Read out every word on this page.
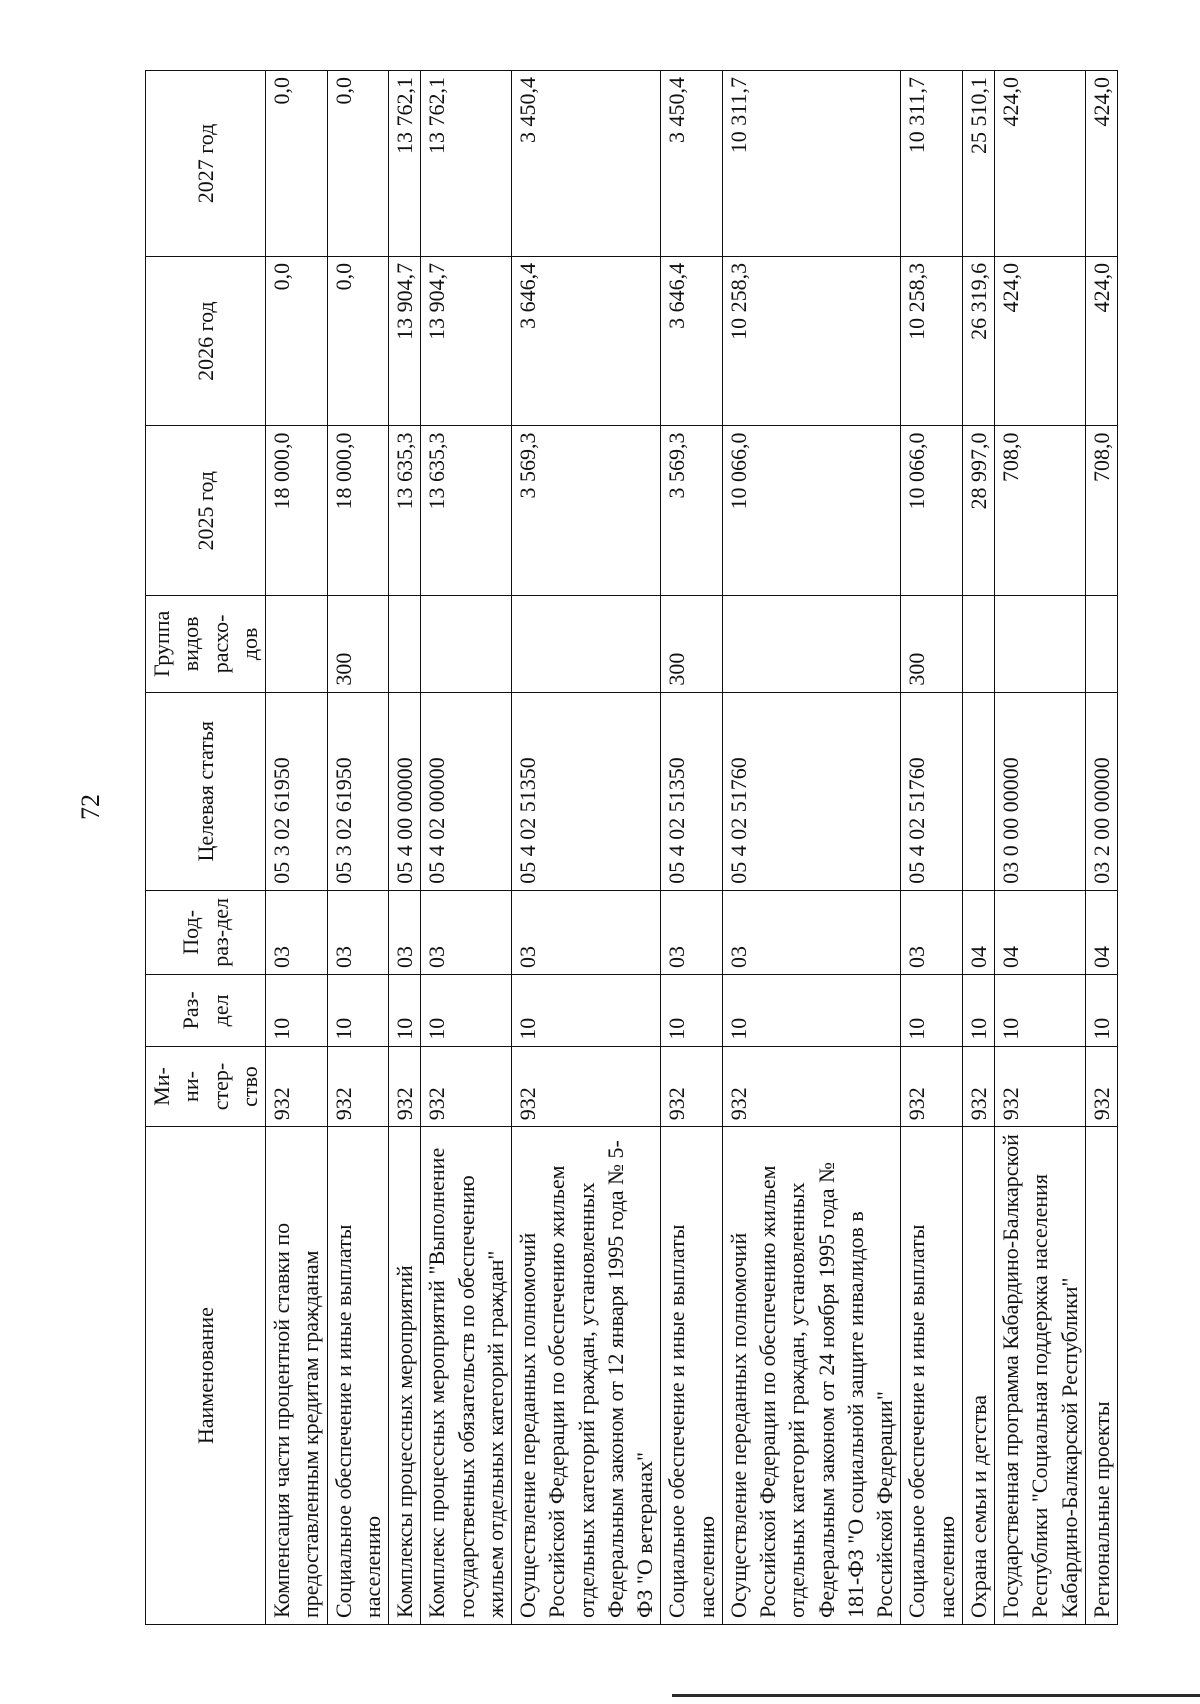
72
Наименование	Ми-ни-стер-ство	Раз-дел	Под-раз-дел	Целевая статья	Группа видов расхо-дов	2025 год	2026 год	2027 год
Компенсация части процентной ставки по предоставленным кредитам гражданам	932	10	03	05 3 02 61950		18 000,0	0,0	0,0
Социальное обеспечение и иные выплаты населению	932	10	03	05 3 02 61950	300	18 000,0	0,0	0,0
Комплексы процессных мероприятий	932	10	03	05 4 00 00000		13 635,3	13 904,7	13 762,1
Комплекс процессных мероприятий "Выполнение государственных обязательств по обеспечению жильем отдельных категорий граждан"	932	10	03	05 4 02 00000		13 635,3	13 904,7	13 762,1
Осуществление переданных полномочий Российской Федерации по обеспечению жильем отдельных категорий граждан, установленных Федеральным законом от 12 января 1995 года № 5-ФЗ "О ветеранах"	932	10	03	05 4 02 51350		3 569,3	3 646,4	3 450,4
Социальное обеспечение и иные выплаты населению	932	10	03	05 4 02 51350	300	3 569,3	3 646,4	3 450,4
Осуществление переданных полномочий Российской Федерации по обеспечению жильем отдельных категорий граждан, установленных Федеральным законом от 24 ноября 1995 года № 181-ФЗ "О социальной защите инвалидов в Российской Федерации"	932	10	03	05 4 02 51760		10 066,0	10 258,3	10 311,7
Социальное обеспечение и иные выплаты населению	932	10	03	05 4 02 51760	300	10 066,0	10 258,3	10 311,7
Охрана семьи и детства	932	10	04			28 997,0	26 319,6	25 510,1
Государственная программа Кабардино-Балкарской Республики "Социальная поддержка населения Кабардино-Балкарской Республики"	932	10	04	03 0 00 00000		708,0	424,0	424,0
Региональные проекты	932	10	04	03 2 00 00000		708,0	424,0	424,0
